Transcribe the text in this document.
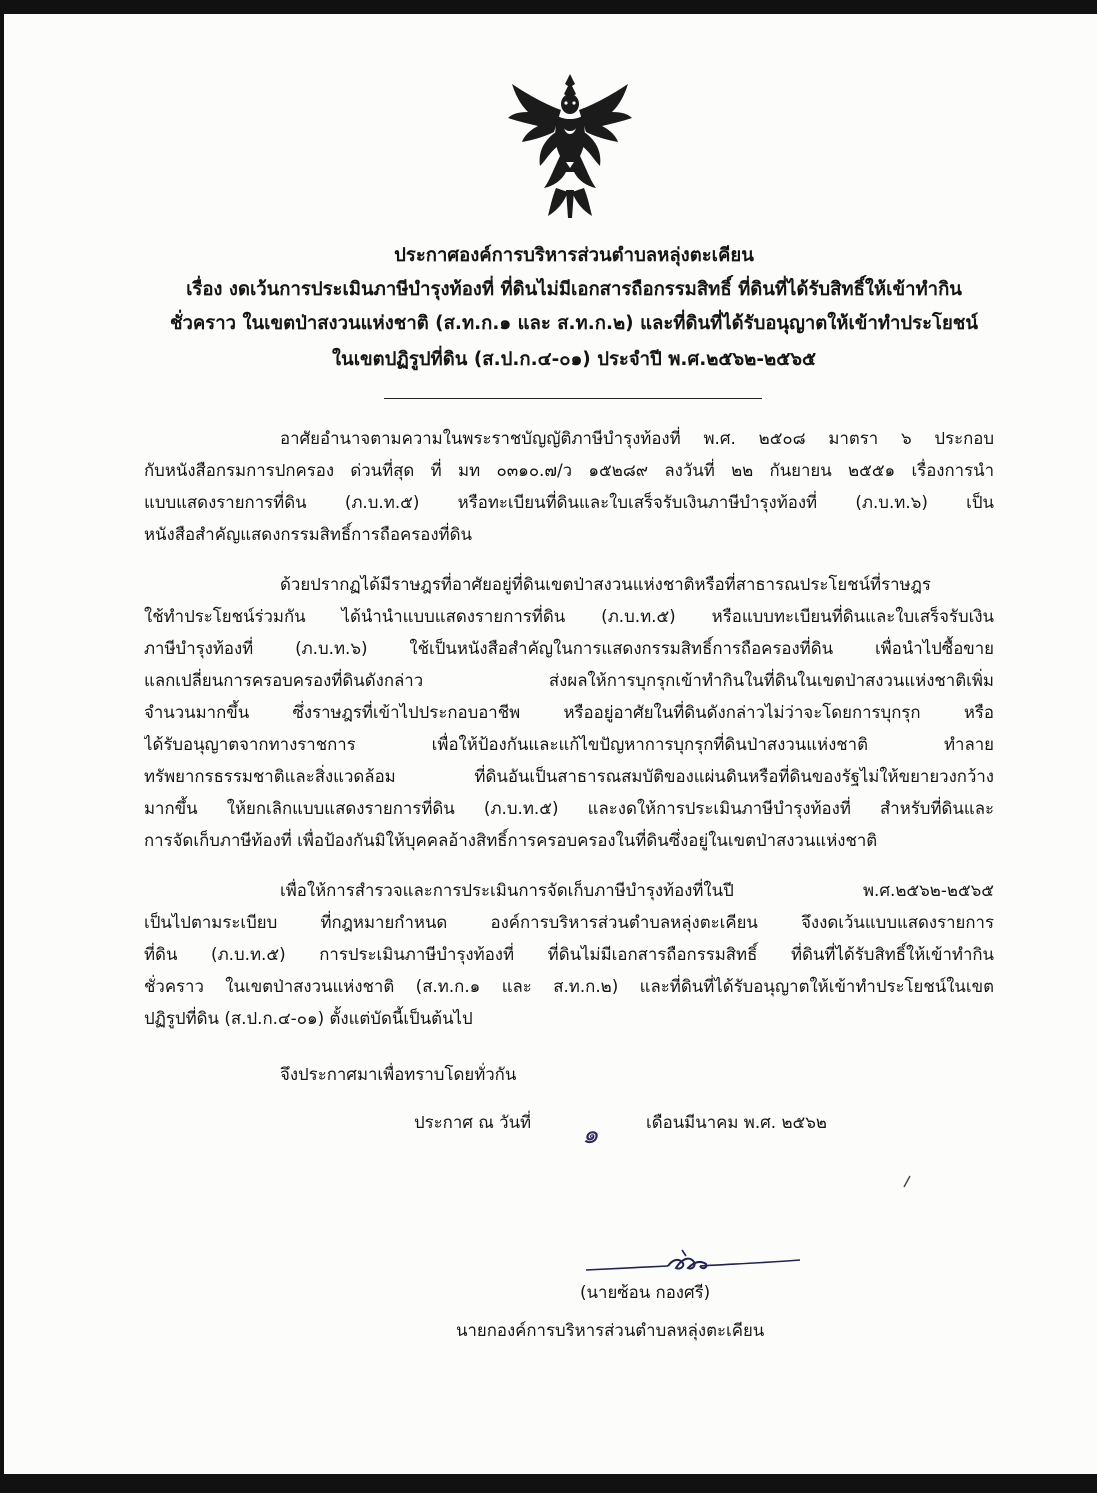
ประกาศองค์การบริหารส่วนตำบลหลุ่งตะเคียน
เรื่อง งดเว้นการประเมินภาษีบำรุงท้องที่ ที่ดินไม่มีเอกสารถือกรรมสิทธิ์ ที่ดินที่ได้รับสิทธิ์ให้เข้าทำกิน
ชั่วคราว ในเขตป่าสงวนแห่งชาติ (ส.ท.ก.๑ และ ส.ท.ก.๒) และที่ดินที่ได้รับอนุญาตให้เข้าทำประโยชน์
ในเขตปฏิรูปที่ดิน (ส.ป.ก.๔-๐๑) ประจำปี พ.ศ.๒๕๖๒-๒๕๖๕
อาศัยอำนาจตามความในพระราชบัญญัติภาษีบำรุงท้องที่ พ.ศ. ๒๕๐๘ มาตรา ๖ ประกอบ
กับหนังสือกรมการปกครอง ด่วนที่สุด ที่ มท ๐๓๑๐.๗/ว ๑๕๒๘๙ ลงวันที่ ๒๒ กันยายน ๒๕๕๑ เรื่องการนำ
แบบแสดงรายการที่ดิน (ภ.บ.ท.๕) หรือทะเบียนที่ดินและใบเสร็จรับเงินภาษีบำรุงท้องที่ (ภ.บ.ท.๖) เป็น
หนังสือสำคัญแสดงกรรมสิทธิ์การถือครองที่ดิน
ด้วยปรากฏได้มีราษฎรที่อาศัยอยู่ที่ดินเขตป่าสงวนแห่งชาติหรือที่สาธารณประโยชน์ที่ราษฎร
ใช้ทำประโยชน์ร่วมกัน ได้นำนำแบบแสดงรายการที่ดิน (ภ.บ.ท.๕) หรือแบบทะเบียนที่ดินและใบเสร็จรับเงิน
ภาษีบำรุงท้องที่ (ภ.บ.ท.๖) ใช้เป็นหนังสือสำคัญในการแสดงกรรมสิทธิ์การถือครองที่ดิน เพื่อนำไปซื้อขาย
แลกเปลี่ยนการครอบครองที่ดินดังกล่าว ส่งผลให้การบุกรุกเข้าทำกินในที่ดินในเขตป่าสงวนแห่งชาติเพิ่ม
จำนวนมากขึ้น ซึ่งราษฎรที่เข้าไปประกอบอาชีพ หรืออยู่อาศัยในที่ดินดังกล่าวไม่ว่าจะโดยการบุกรุก หรือ
ได้รับอนุญาตจากทางราชการ เพื่อให้ป้องกันและแก้ไขปัญหาการบุกรุกที่ดินป่าสงวนแห่งชาติ ทำลาย
ทรัพยากรธรรมชาติและสิ่งแวดล้อม ที่ดินอันเป็นสาธารณสมบัติของแผ่นดินหรือที่ดินของรัฐไม่ให้ขยายวงกว้าง
มากขึ้น ให้ยกเลิกแบบแสดงรายการที่ดิน (ภ.บ.ท.๕) และงดให้การประเมินภาษีบำรุงท้องที่ สำหรับที่ดินและ
การจัดเก็บภาษีท้องที่ เพื่อป้องกันมิให้บุคคลอ้างสิทธิ์การครอบครองในที่ดินซึ่งอยู่ในเขตป่าสงวนแห่งชาติ
เพื่อให้การสำรวจและการประเมินการจัดเก็บภาษีบำรุงท้องที่ในปี พ.ศ.๒๕๖๒-๒๕๖๕
เป็นไปตามระเบียบ ที่กฎหมายกำหนด องค์การบริหารส่วนตำบลหลุ่งตะเคียน จึงงดเว้นแบบแสดงรายการ
ที่ดิน (ภ.บ.ท.๕) การประเมินภาษีบำรุงท้องที่ ที่ดินไม่มีเอกสารถือกรรมสิทธิ์ ที่ดินที่ได้รับสิทธิ์ให้เข้าทำกิน
ชั่วคราว ในเขตป่าสงวนแห่งชาติ (ส.ท.ก.๑ และ ส.ท.ก.๒) และที่ดินที่ได้รับอนุญาตให้เข้าทำประโยชน์ในเขต
ปฏิรูปที่ดิน (ส.ป.ก.๔-๐๑) ตั้งแต่บัดนี้เป็นต้นไป
จึงประกาศมาเพื่อทราบโดยทั่วกัน
ประกาศ ณ วันที่ ๑	เดือนมีนาคม พ.ศ. ๒๕๖๒
(นายซ้อน กองศรี)
นายกองค์การบริหารส่วนตำบลหลุ่งตะเคียน
